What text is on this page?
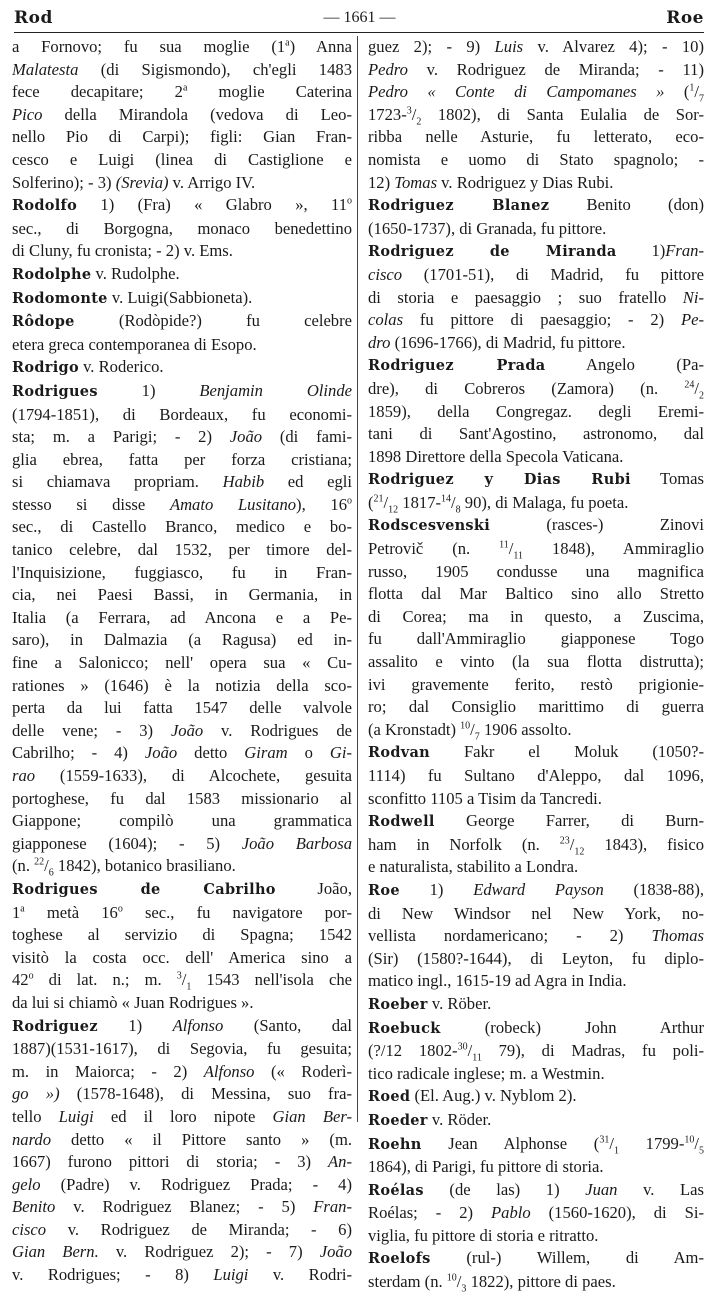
Rod	— 1661 —	Roe
a Fornovo; fu sua moglie (1$^a$) Anna
Malatesta (di Sigismondo), ch'egli 1483
fece decapitare; 2$^a$ moglie Caterina
Pico della Mirandola (vedova di Leo-
nello Pio di Carpi); figli: Gian Fran-
cesco e Luigi (linea di Castiglione e
Solferino); - 3) (Srevia) v. Arrigo IV.
Rodolfo 1) (Fra) « Glabro », 11$^o$
sec., di Borgogna, monaco benedettino
di Cluny, fu cronista; - 2) v. Ems.
Rodolphe v. Rudolphe.
Rodomonte v. Luigi(Sabbioneta).
Rôdope (Rodòpide?) fu celebre
etera greca contemporanea di Esopo.
Rodrigo v. Roderico.
Rodrigues 1) Benjamin Olinde
(1794-1851), di Bordeaux, fu economi-
sta; m. a Parigi; - 2) João (di fami-
glia ebrea, fatta per forza cristiana;
si chiamava propriam. Habib ed egli
stesso si disse Amato Lusitano), 16$^o$
sec., di Castello Branco, medico e bo-
tanico celebre, dal 1532, per timore del-
l'Inquisizione, fuggiasco, fu in Fran-
cia, nei Paesi Bassi, in Germania, in
Italia (a Ferrara, ad Ancona e a Pe-
saro), in Dalmazia (a Ragusa) ed in-
fine a Salonicco; nell' opera sua « Cu-
rationes » (1646) è la notizia della sco-
perta da lui fatta 1547 delle valvole
delle vene; - 3) João v. Rodrigues de
Cabrilho; - 4) João detto Giram o Gi-
rao (1559-1633), di Alcochete, gesuita
portoghese, fu dal 1583 missionario al
Giappone; compilò una grammatica
giapponese (1604); - 5) João Barbosa
(n. $^{22}/_6$ 1842), botanico brasiliano.
Rodrigues de Cabrilho João,
1$^a$ metà 16$^o$ sec., fu navigatore por-
toghese al servizio di Spagna; 1542
visitò la costa occ. dell' America sino a
42$^o$ di lat. n.; m. $^3/_1$ 1543 nell'isola che
da lui si chiamò « Juan Rodrigues ».
Rodriguez 1) Alfonso (Santo, dal
1887)(1531-1617), di Segovia, fu gesuita;
m. in Maiorca; - 2) Alfonso (« Roderì-
go ») (1578-1648), di Messina, suo fra-
tello Luigi ed il loro nipote Gian Ber-
nardo detto « il Pittore santo » (m.
1667) furono pittori di storia; - 3) An-
gelo (Padre) v. Rodriguez Prada; - 4)
Benito v. Rodriguez Blanez; - 5) Fran-
cisco v. Rodriguez de Miranda; - 6)
Gian Bern. v. Rodriguez 2); - 7) João
v. Rodrigues; - 8) Luigi v. Rodri-
guez 2); - 9) Luis v. Alvarez 4); - 10)
Pedro v. Rodriguez de Miranda; - 11)
Pedro « Conte di Campomanes » ($^1/_7$
$1723-^3/_2$ 1802), di Santa Eulalia de Sor-
ribba nelle Asturie, fu letterato, eco-
nomista e uomo di Stato spagnolo; -
12) Tomas v. Rodriguez y Dias Rubi.
Rodriguez Blanez Benito (don)
(1650-1737), di Granada, fu pittore.
Rodriguez de Miranda 1)Fran-
cisco (1701-51), di Madrid, fu pittore
di storia e paesaggio ; suo fratello Ni-
colas fu pittore di paesaggio; - 2) Pe-
dro (1696-1766), di Madrid, fu pittore.
Rodriguez Prada Angelo (Pa-
dre), di Cobreros (Zamora) (n. $^{24}/_2$
1859), della Congregaz. degli Eremi-
tani di Sant'Agostino, astronomo, dal
1898 Direttore della Specola Vaticana.
Rodriguez y Dias Rubi Tomas
($^{21}/_{12}$ $1817-^{14}/_8$ 90), di Malaga, fu poeta.
Rodscesvenski (rasces-) Zinovi
Petrovič (n. $^{11}/_{11}$ 1848), Ammiraglio
russo, 1905 condusse una magnifica
flotta dal Mar Baltico sino allo Stretto
di Corea; ma in questo, a Zuscima,
fu dall'Ammiraglio giapponese Togo
assalito e vinto (la sua flotta distrutta);
ivi gravemente ferito, restò prigionie-
ro; dal Consiglio marittimo di guerra
(a Kronstadt) $^{10}/_7$ 1906 assolto.
Rodvan Fakr el Moluk (1050?-
1114) fu Sultano d'Aleppo, dal 1096,
sconfitto 1105 a Tisim da Tancredi.
Rodwell George Farrer, di Burn-
ham in Norfolk (n. $^{23}/_{12}$ 1843), fisico
e naturalista, stabilito a Londra.
Roe 1) Edward Payson (1838-88),
di New Windsor nel New York, no-
vellista nordamericano; - 2) Thomas
(Sir) (1580?-1644), di Leyton, fu diplo-
matico ingl., 1615-19 ad Agra in India.
Roeber v. Röber.
Roebuck (robeck) John Arthur
(?/12 $1802-^{30}/_{11}$ 79), di Madras, fu poli-
tico radicale inglese; m. a Westmin.
Roed (El. Aug.) v. Nyblom 2).
Roeder v. Röder.
Roehn Jean Alphonse ($^{31}/_1$ $1799-^{10}/_5$
1864), di Parigi, fu pittore di storia.
Roélas (de las) 1) Juan v. Las
Roélas; - 2) Pablo (1560-1620), di Si-
viglia, fu pittore di storia e ritratto.
Roelofs (rul-) Willem, di Am-
sterdam (n. $^{10}/_3$ 1822), pittore di paes.
